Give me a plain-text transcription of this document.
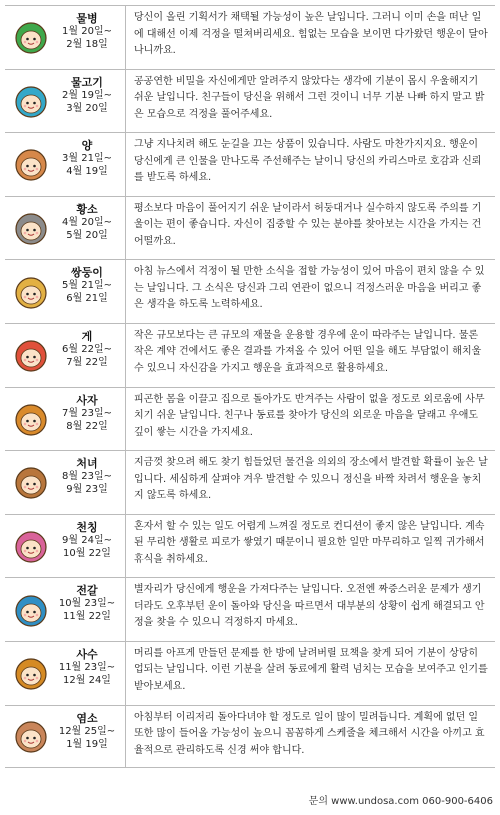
물병
1월 20일~
2월 18일
당신이 올린 기획서가 채택될 가능성이 높은 날입니다. 그러니 이미 손을 떠난 일에 대해선 이제 걱정을 떨쳐버리세요. 힘없는 모습을 보이면 다가왔던 행운이 달아나니까요.
물고기
2월 19일~
3월 20일
공공연한 비밀을 자신에게만 알려주지 않았다는 생각에 기분이 몹시 우울해지기 쉬운 날입니다. 친구들이 당신을 위해서 그런 것이니 너무 기분 나빠 하지 말고 밝은 모습으로 걱정을 풀어주세요.
양
3월 21일~
4월 19일
그냥 지나치려 해도 눈길을 끄는 상품이 있습니다. 사람도 마찬가지지요. 행운이 당신에게 큰 인물을 만나도록 주선해주는 날이니 당신의 카리스마로 호감과 신뢰를 받도록 하세요.
황소
4월 20일~
5월 20일
평소보다 마음이 풀어지기 쉬운 날이라서 허둥대거나 실수하지 않도록 주의를 기울이는 편이 좋습니다. 자신이 집중할 수 있는 분야를 찾아보는 시간을 가지는 건 어떨까요.
쌍둥이
5월 21일~
6월 21일
아침 뉴스에서 걱정이 될 만한 소식을 접할 가능성이 있어 마음이 편치 않을 수 있는 날입니다. 그 소식은 당신과 그리 연관이 없으니 걱정스러운 마음을 버리고 좋은 생각을 하도록 노력하세요.
게
6월 22일~
7월 22일
작은 규모보다는 큰 규모의 재물을 운용할 경우에 운이 따라주는 날입니다. 물론 작은 계약 건에서도 좋은 결과를 가져올 수 있어 어떤 일을 해도 부담없이 해치울 수 있으니 자신감을 가지고 행운을 효과적으로 활용하세요.
사자
7월 23일~
8월 22일
피곤한 몸을 이끌고 집으로 돌아가도 반겨주는 사람이 없을 정도로 외로움에 사무치기 쉬운 날입니다. 친구나 동료를 찾아가 당신의 외로운 마음을 달래고 우애도 깊이 쌓는 시간을 가지세요.
처녀
8월 23일~
9월 23일
지금껏 찾으려 해도 찾기 힘들었던 물건을 의외의 장소에서 발견할 확률이 높은 날입니다. 세심하게 살펴야 겨우 발견할 수 있으니 정신을 바짝 차려서 행운을 놓치지 않도록 하세요.
천칭
9월 24일~
10월 22일
혼자서 할 수 있는 일도 어렵게 느껴질 정도로 컨디션이 좋지 않은 날입니다. 계속된 무리한 생활로 피로가 쌓였기 때문이니 필요한 일만 마무리하고 일찍 귀가해서 휴식을 취하세요.
전갈
10월 23일~
11월 22일
별자리가 당신에게 행운을 가져다주는 날입니다. 오전엔 짜증스러운 문제가 생기더라도 오후부턴 운이 돌아와 당신을 따르면서 대부분의 상황이 쉽게 해결되고 안정을 찾을 수 있으니 걱정하지 마세요.
사수
11월 23일~
12월 24일
머리를 아프게 만들던 문제를 한 방에 날려버릴 묘책을 찾게 되어 기분이 상당히 업되는 날입니다. 이런 기분을 살려 동료에게 활력 넘치는 모습을 보여주고 인기를 받아보세요.
염소
12월 25일~
1월 19일
아침부터 이리저리 돌아다녀야 할 정도로 일이 많이 밀려듭니다. 계획에 없던 일 또한 많이 들어올 가능성이 높으니 꼼꼼하게 스케줄을 체크해서 시간을 아끼고 효율적으로 관리하도록 신경 써야 합니다.
문의 www.undosa.com 060-900-6406
